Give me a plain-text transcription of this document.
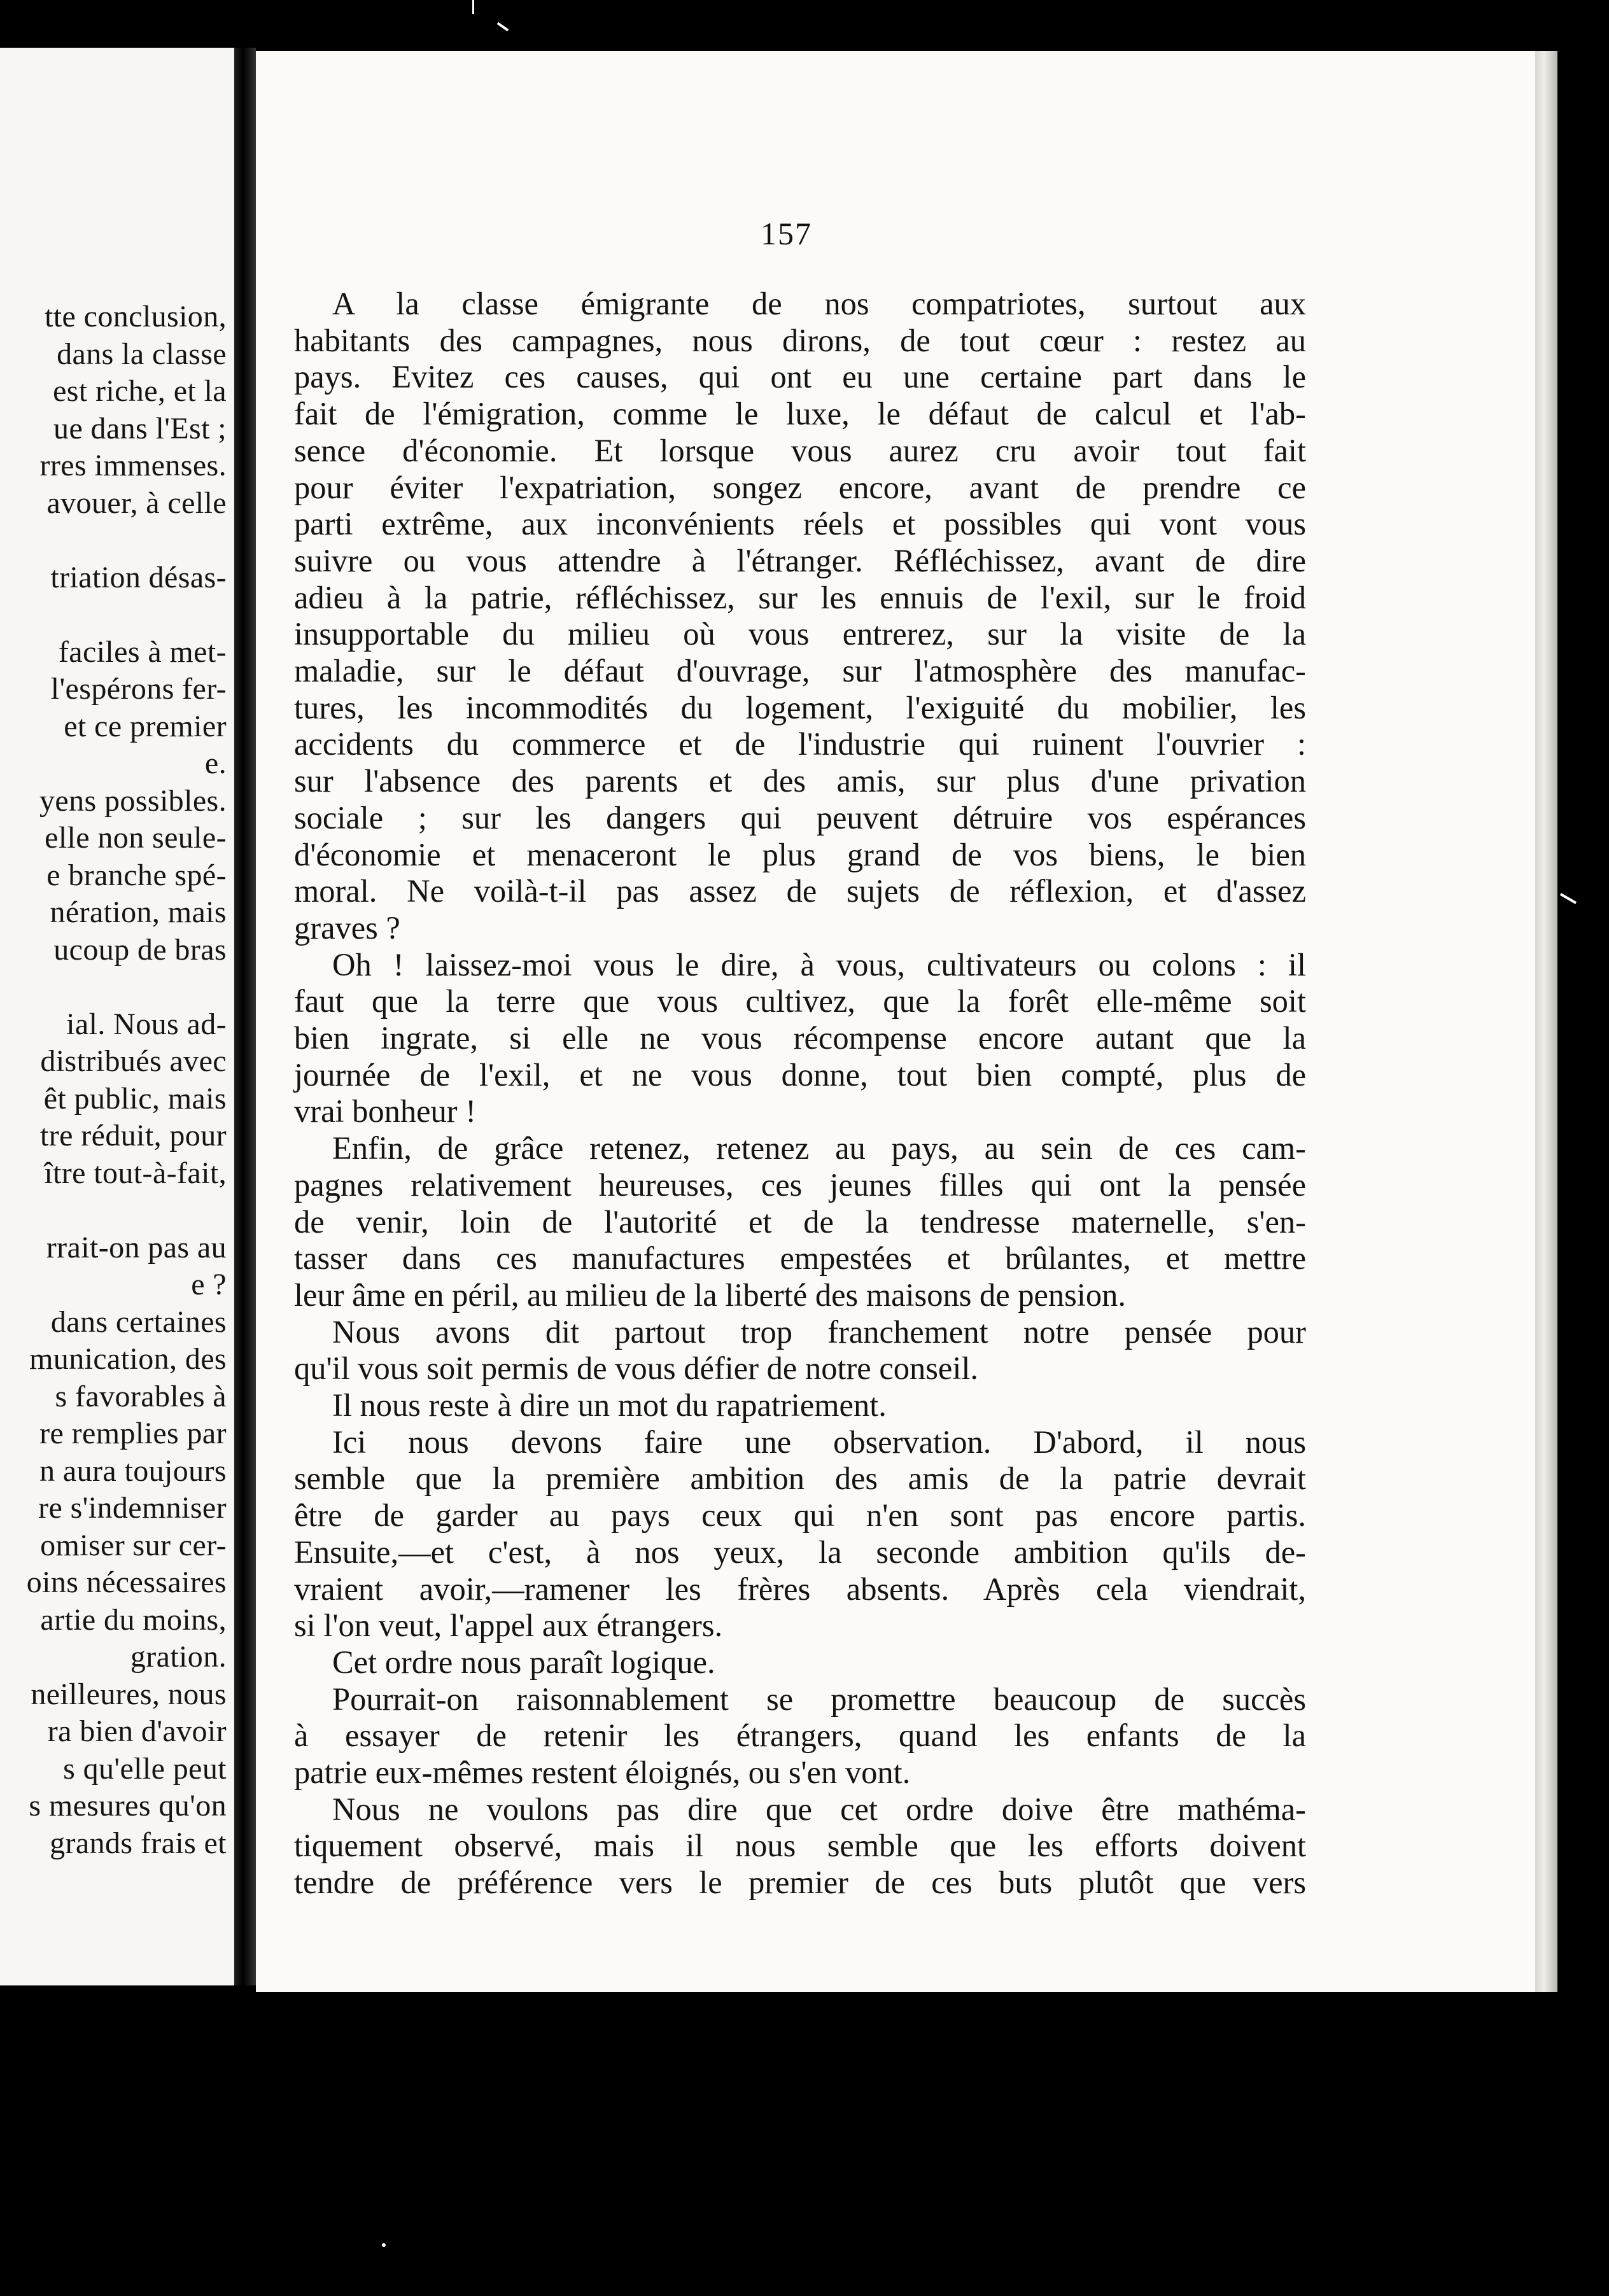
tte conclusion,
dans la classe
est riche, et la
ue dans l'Est ;
rres immenses.
avouer, à celle
triation désas-
faciles à met-
l'espérons fer-
et ce premier
e.
yens possibles.
elle non seule-
e branche spé-
nération, mais
ucoup de bras
ial. Nous ad-
distribués avec
êt public, mais
tre réduit, pour
ître tout-à-fait,
rrait-on pas au
e ?
dans certaines
munication, des
s favorables à
re remplies par
n aura toujours
re s'indemniser
omiser sur cer-
oins nécessaires
artie du moins,
gration.
neilleures, nous
ra bien d'avoir
s qu'elle peut
s mesures qu'on
grands frais et
157
A la classe émigrante de nos compatriotes, surtout aux
habitants des campagnes, nous dirons, de tout cœur : restez au
pays. Evitez ces causes, qui ont eu une certaine part dans le
fait de l'émigration, comme le luxe, le défaut de calcul et l'ab-
sence d'économie. Et lorsque vous aurez cru avoir tout fait
pour éviter l'expatriation, songez encore, avant de prendre ce
parti extrême, aux inconvénients réels et possibles qui vont vous
suivre ou vous attendre à l'étranger. Réfléchissez, avant de dire
adieu à la patrie, réfléchissez, sur les ennuis de l'exil, sur le froid
insupportable du milieu où vous entrerez, sur la visite de la
maladie, sur le défaut d'ouvrage, sur l'atmosphère des manufac-
tures, les incommodités du logement, l'exiguité du mobilier, les
accidents du commerce et de l'industrie qui ruinent l'ouvrier :
sur l'absence des parents et des amis, sur plus d'une privation
sociale ; sur les dangers qui peuvent détruire vos espérances
d'économie et menaceront le plus grand de vos biens, le bien
moral. Ne voilà-t-il pas assez de sujets de réflexion, et d'assez
graves ?
Oh ! laissez-moi vous le dire, à vous, cultivateurs ou colons : il
faut que la terre que vous cultivez, que la forêt elle-même soit
bien ingrate, si elle ne vous récompense encore autant que la
journée de l'exil, et ne vous donne, tout bien compté, plus de
vrai bonheur !
Enfin, de grâce retenez, retenez au pays, au sein de ces cam-
pagnes relativement heureuses, ces jeunes filles qui ont la pensée
de venir, loin de l'autorité et de la tendresse maternelle, s'en-
tasser dans ces manufactures empestées et brûlantes, et mettre
leur âme en péril, au milieu de la liberté des maisons de pension.
Nous avons dit partout trop franchement notre pensée pour
qu'il vous soit permis de vous défier de notre conseil.
Il nous reste à dire un mot du rapatriement.
Ici nous devons faire une observation. D'abord, il nous
semble que la première ambition des amis de la patrie devrait
être de garder au pays ceux qui n'en sont pas encore partis.
Ensuite,—et c'est, à nos yeux, la seconde ambition qu'ils de-
vraient avoir,—ramener les frères absents. Après cela viendrait,
si l'on veut, l'appel aux étrangers.
Cet ordre nous paraît logique.
Pourrait-on raisonnablement se promettre beaucoup de succès
à essayer de retenir les étrangers, quand les enfants de la
patrie eux-mêmes restent éloignés, ou s'en vont.
Nous ne voulons pas dire que cet ordre doive être mathéma-
tiquement observé, mais il nous semble que les efforts doivent
tendre de préférence vers le premier de ces buts plutôt que vers
